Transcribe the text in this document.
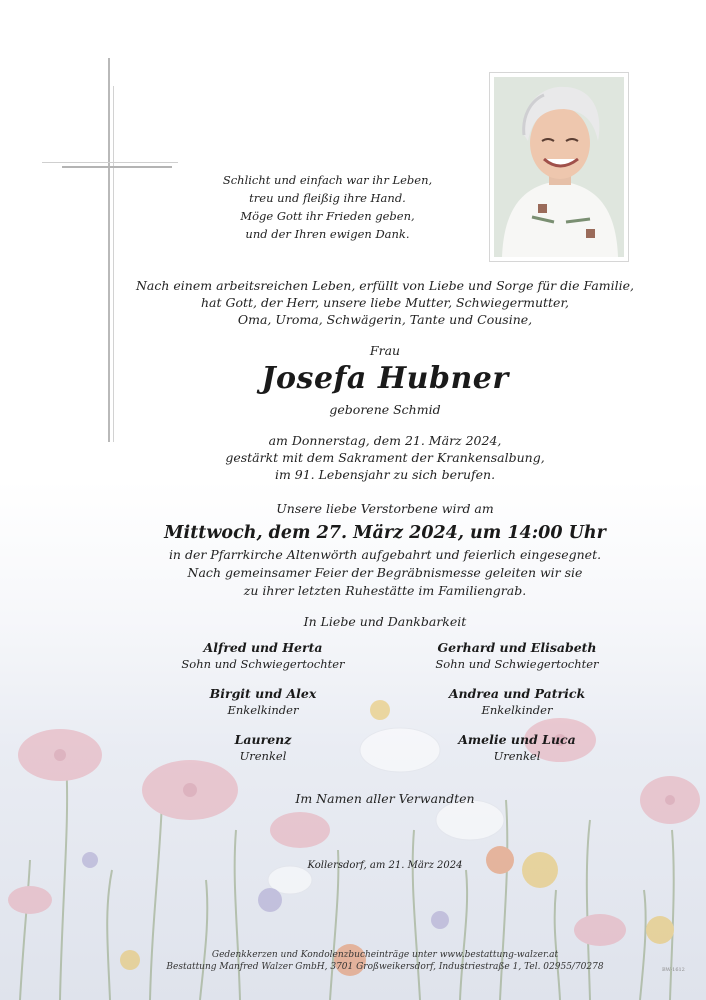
Schlicht und einfach war ihr Leben,
treu und fleißig ihre Hand.
Möge Gott ihr Frieden geben,
und der Ihren ewigen Dank.
Nach einem arbeitsreichen Leben, erfüllt von Liebe und Sorge für die Familie,
hat Gott, der Herr, unsere liebe Mutter, Schwiegermutter,
Oma, Uroma, Schwägerin, Tante und Cousine,
Frau
Josefa Hubner
geborene Schmid
am Donnerstag, dem 21. März 2024,
gestärkt mit dem Sakrament der Krankensalbung,
im 91. Lebensjahr zu sich berufen.
Unsere liebe Verstorbene wird am
Mittwoch, dem 27. März 2024, um 14:00 Uhr
in der Pfarrkirche Altenwörth aufgebahrt und feierlich eingesegnet.
Nach gemeinsamer Feier der Begräbnismesse geleiten wir sie
zu ihrer letzten Ruhestätte im Familiengrab.
In Liebe und Dankbarkeit
Alfred und Herta
Sohn und Schwiegertochter
Gerhard und Elisabeth
Sohn und Schwiegertochter
Birgit und Alex
Enkelkinder
Andrea und Patrick
Enkelkinder
Laurenz
Urenkel
Amelie und Luca
Urenkel
Im Namen aller Verwandten
Kollersdorf, am 21. März 2024
Gedenkkerzen und Kondolenzbucheinträge unter www.bestattung-walzer.at
Bestattung Manfred Walzer GmbH, 3701 Großweikersdorf, Industriestraße 1, Tel. 02955/70278	BW-1612
